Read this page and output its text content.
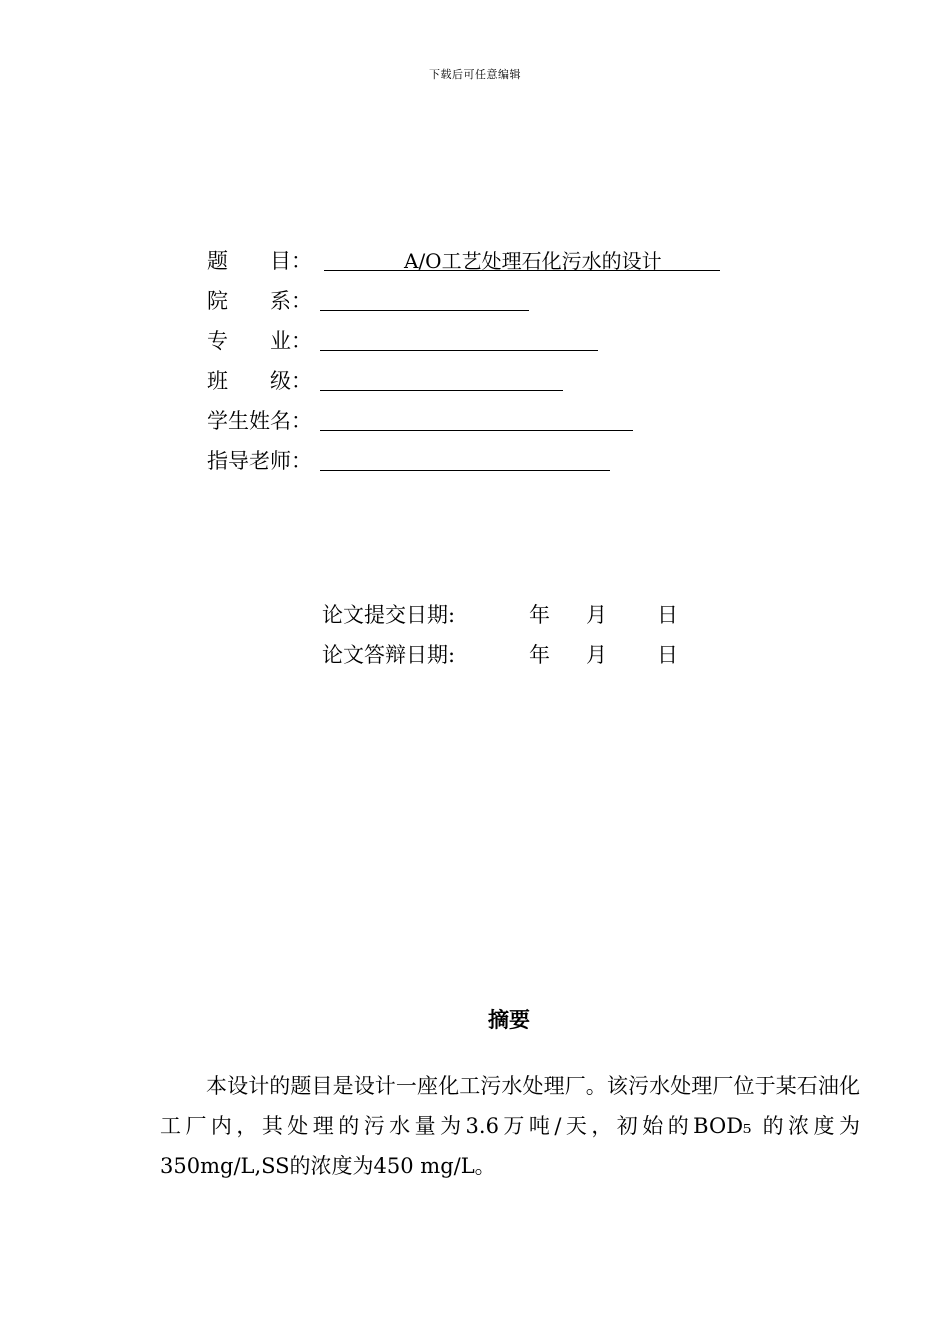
下载后可任意编辑
题　　目：	A/O工艺处理石化污水的设计
院　　系：
专　　业：
班　　级：
学生姓名：
指导老师：
论文提交日期:	年 月 日
论文答辩日期:	年 月 日
摘要
本设计的题目是设计一座化工污水处理厂。该污水处理厂位于某石油化工厂内，其处理的污水量为3.6万吨/天，初始的BOD₅ 的浓度为350mg/L,SS的浓度为450 mg/L。
